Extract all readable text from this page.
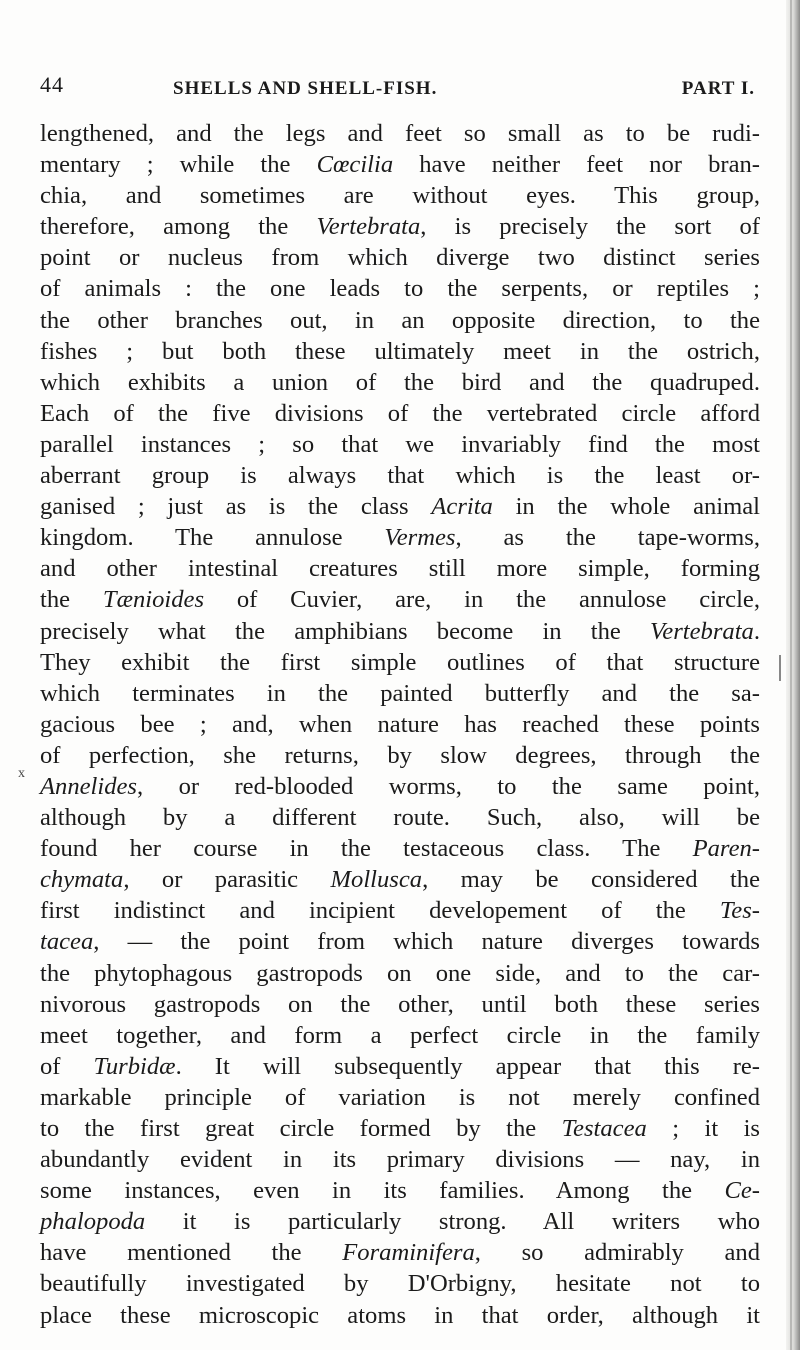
44	SHELLS AND SHELL-FISH.	PART I.
x
lengthened, and the legs and feet so small as to be rudi-
mentary ; while the Cœcilia have neither feet nor bran-
chia, and sometimes are without eyes. This group,
therefore, among the Vertebrata, is precisely the sort of
point or nucleus from which diverge two distinct series
of animals : the one leads to the serpents, or reptiles ;
the other branches out, in an opposite direction, to the
fishes ; but both these ultimately meet in the ostrich,
which exhibits a union of the bird and the quadruped.
Each of the five divisions of the vertebrated circle afford
parallel instances ; so that we invariably find the most
aberrant group is always that which is the least or-
ganised ; just as is the class Acrita in the whole animal
kingdom. The annulose Vermes, as the tape-worms,
and other intestinal creatures still more simple, forming
the Tænioides of Cuvier, are, in the annulose circle,
precisely what the amphibians become in the Vertebrata.
They exhibit the first simple outlines of that structure
which terminates in the painted butterfly and the sa-
gacious bee ; and, when nature has reached these points
of perfection, she returns, by slow degrees, through the
Annelides, or red-blooded worms, to the same point,
although by a different route. Such, also, will be
found her course in the testaceous class. The Paren-
chymata, or parasitic Mollusca, may be considered the
first indistinct and incipient developement of the Tes-
tacea, — the point from which nature diverges towards
the phytophagous gastropods on one side, and to the car-
nivorous gastropods on the other, until both these series
meet together, and form a perfect circle in the family
of Turbidæ. It will subsequently appear that this re-
markable principle of variation is not merely confined
to the first great circle formed by the Testacea ; it is
abundantly evident in its primary divisions — nay, in
some instances, even in its families. Among the Ce-
phalopoda it is particularly strong. All writers who
have mentioned the Foraminifera, so admirably and
beautifully investigated by D'Orbigny, hesitate not to
place these microscopic atoms in that order, although it
